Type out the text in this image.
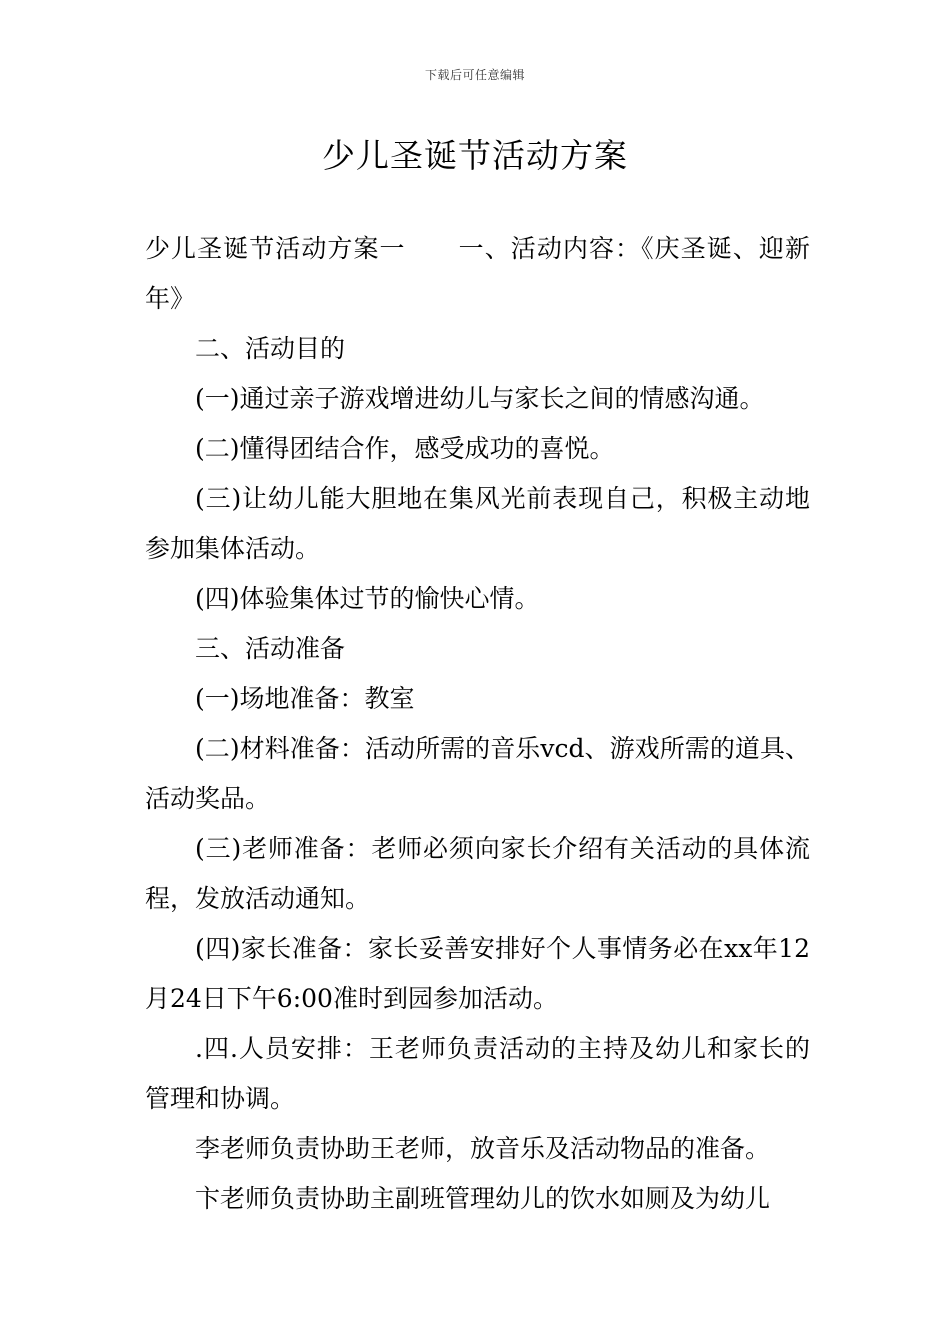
下载后可任意编辑
少儿圣诞节活动方案

少儿圣诞节活动方案一 一、活动内容：《庆圣诞、迎新年》

二、活动目的

(一)通过亲子游戏增进幼儿与家长之间的情感沟通。

(二)懂得团结合作，感受成功的喜悦。

(三)让幼儿能大胆地在集风光前表现自己，积极主动地参加集体活动。

(四)体验集体过节的愉快心情。

三、活动准备

(一)场地准备：教室

(二)材料准备：活动所需的音乐vcd、游戏所需的道具、活动奖品。

(三)老师准备：老师必须向家长介绍有关活动的具体流程，发放活动通知。

(四)家长准备：家长妥善安排好个人事情务必在xx年12月24日下午6:00准时到园参加活动。

.四.人员安排：王老师负责活动的主持及幼儿和家长的管理和协调。

李老师负责协助王老师，放音乐及活动物品的准备。

卞老师负责协助主副班管理幼儿的饮水如厕及为幼儿
